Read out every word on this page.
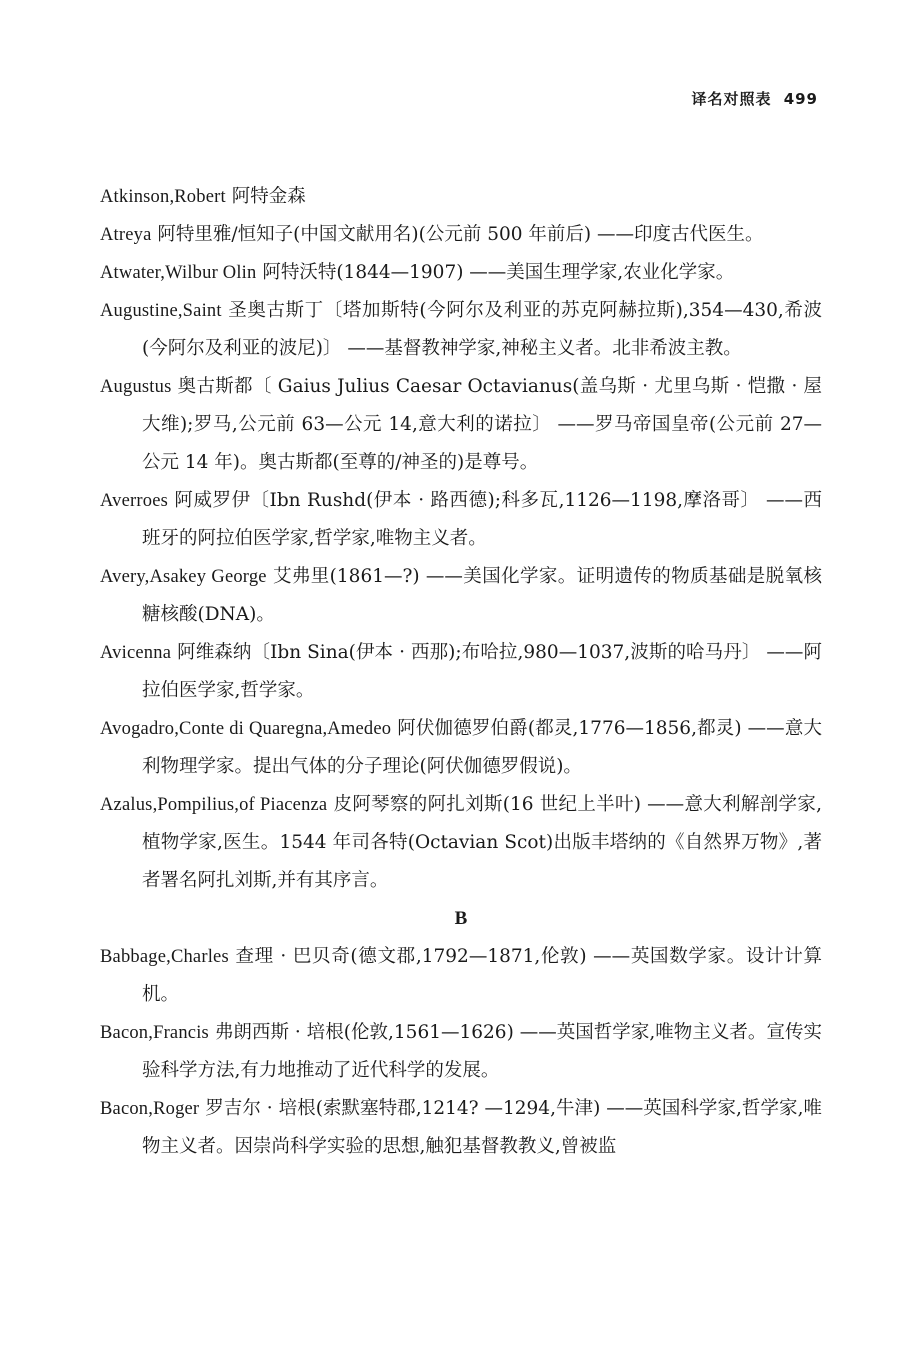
译名对照表 499

Atkinson,Robert 阿特金森

Atreya 阿特里雅/恒知子(中国文献用名)(公元前 500 年前后) ——印度古代医生。

Atwater,Wilbur Olin 阿特沃特(1844—1907) ——美国生理学家,农业化学家。

Augustine,Saint 圣奥古斯丁〔塔加斯特(今阿尔及利亚的苏克阿赫拉斯),354—430,希波(今阿尔及利亚的波尼)〕 ——基督教神学家,神秘主义者。北非希波主教。

Augustus 奥古斯都〔 Gaius Julius Caesar Octavianus(盖乌斯 · 尤里乌斯 · 恺撒 · 屋大维);罗马,公元前 63—公元 14,意大利的诺拉〕 ——罗马帝国皇帝(公元前 27—公元 14 年)。奥古斯都(至尊的/神圣的)是尊号。

Averroes 阿威罗伊〔Ibn Rushd(伊本 · 路西德);科多瓦,1126—1198,摩洛哥〕 ——西班牙的阿拉伯医学家,哲学家,唯物主义者。

Avery,Asakey George 艾弗里(1861—?) ——美国化学家。证明遗传的物质基础是脱氧核糖核酸(DNA)。

Avicenna 阿维森纳〔Ibn Sina(伊本 · 西那);布哈拉,980—1037,波斯的哈马丹〕 ——阿拉伯医学家,哲学家。

Avogadro,Conte di Quaregna,Amedeo 阿伏伽德罗伯爵(都灵,1776—1856,都灵) ——意大利物理学家。提出气体的分子理论(阿伏伽德罗假说)。

Azalus,Pompilius,of Piacenza 皮阿琴察的阿扎刘斯(16 世纪上半叶) ——意大利解剖学家,植物学家,医生。1544 年司各特(Octavian Scot)出版丰塔纳的《自然界万物》,著者署名阿扎刘斯,并有其序言。

B

Babbage,Charles 查理 · 巴贝奇(德文郡,1792—1871,伦敦) ——英国数学家。设计计算机。

Bacon,Francis 弗朗西斯 · 培根(伦敦,1561—1626) ——英国哲学家,唯物主义者。宣传实验科学方法,有力地推动了近代科学的发展。

Bacon,Roger 罗吉尔 · 培根(索默塞特郡,1214? —1294,牛津) ——英国科学家,哲学家,唯物主义者。因崇尚科学实验的思想,触犯基督教教义,曾被监
